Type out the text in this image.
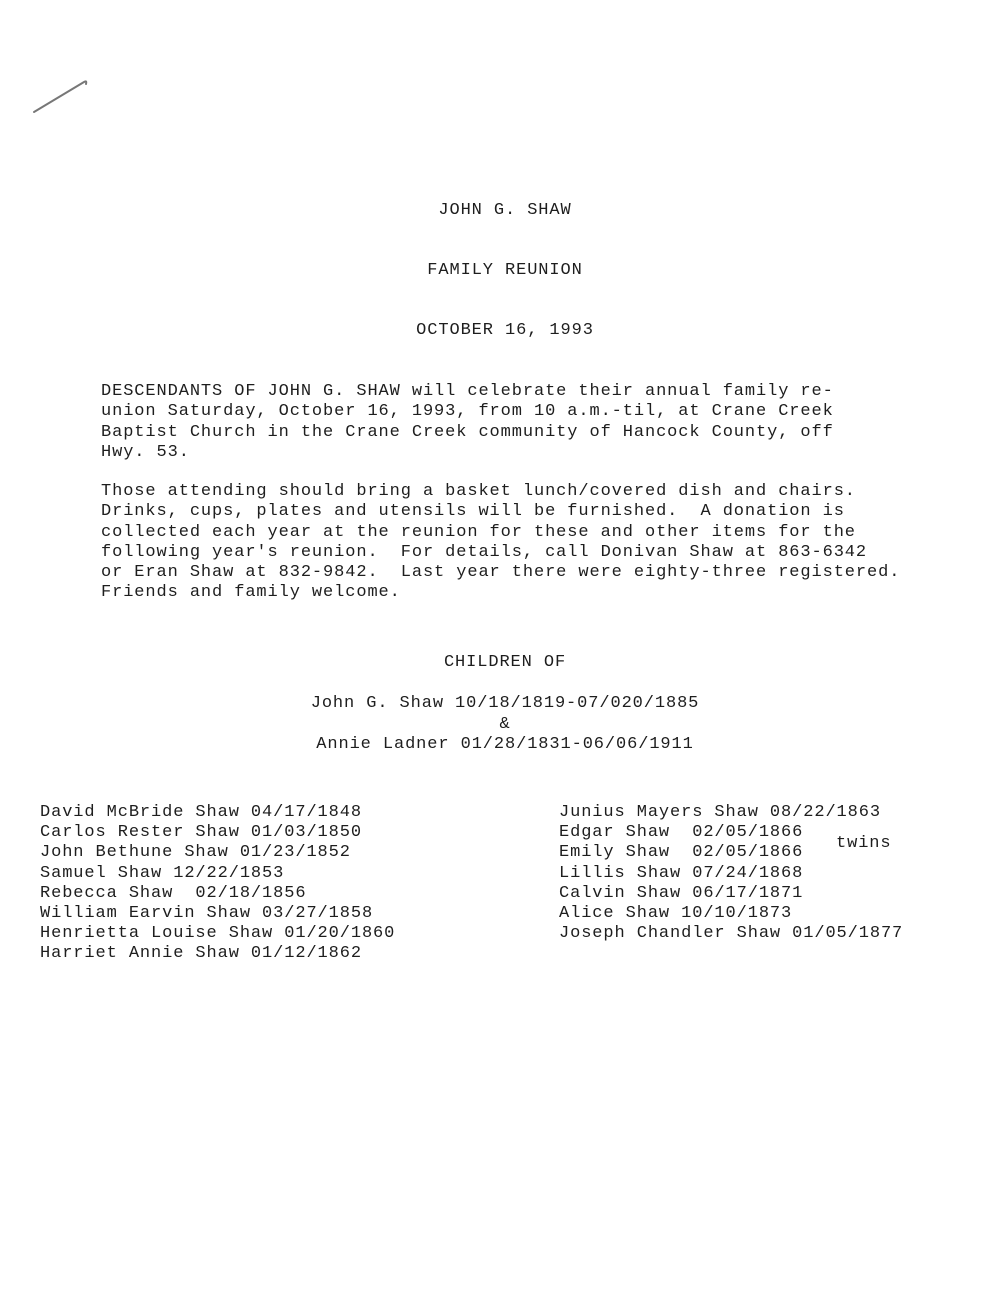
JOHN G. SHAW
FAMILY REUNION
OCTOBER 16, 1993
DESCENDANTS OF JOHN G. SHAW will celebrate their annual family re-
union Saturday, October 16, 1993, from 10 a.m.-til, at Crane Creek
Baptist Church in the Crane Creek community of Hancock County, off
Hwy. 53.
Those attending should bring a basket lunch/covered dish and chairs.
Drinks, cups, plates and utensils will be furnished.  A donation is
collected each year at the reunion for these and other items for the
following year's reunion.  For details, call Donivan Shaw at 863-6342
or Eran Shaw at 832-9842.  Last year there were eighty-three registered.
Friends and family welcome.
CHILDREN OF
John G. Shaw 10/18/1819-07/020/1885
&
Annie Ladner 01/28/1831-06/06/1911
David McBride Shaw 04/17/1848
Carlos Rester Shaw 01/03/1850
John Bethune Shaw 01/23/1852
Samuel Shaw 12/22/1853
Rebecca Shaw  02/18/1856
William Earvin Shaw 03/27/1858
Henrietta Louise Shaw 01/20/1860
Harriet Annie Shaw 01/12/1862
Junius Mayers Shaw 08/22/1863
Edgar Shaw  02/05/1866
Emily Shaw  02/05/1866
Lillis Shaw 07/24/1868
Calvin Shaw 06/17/1871
Alice Shaw 10/10/1873
Joseph Chandler Shaw 01/05/1877
twins
